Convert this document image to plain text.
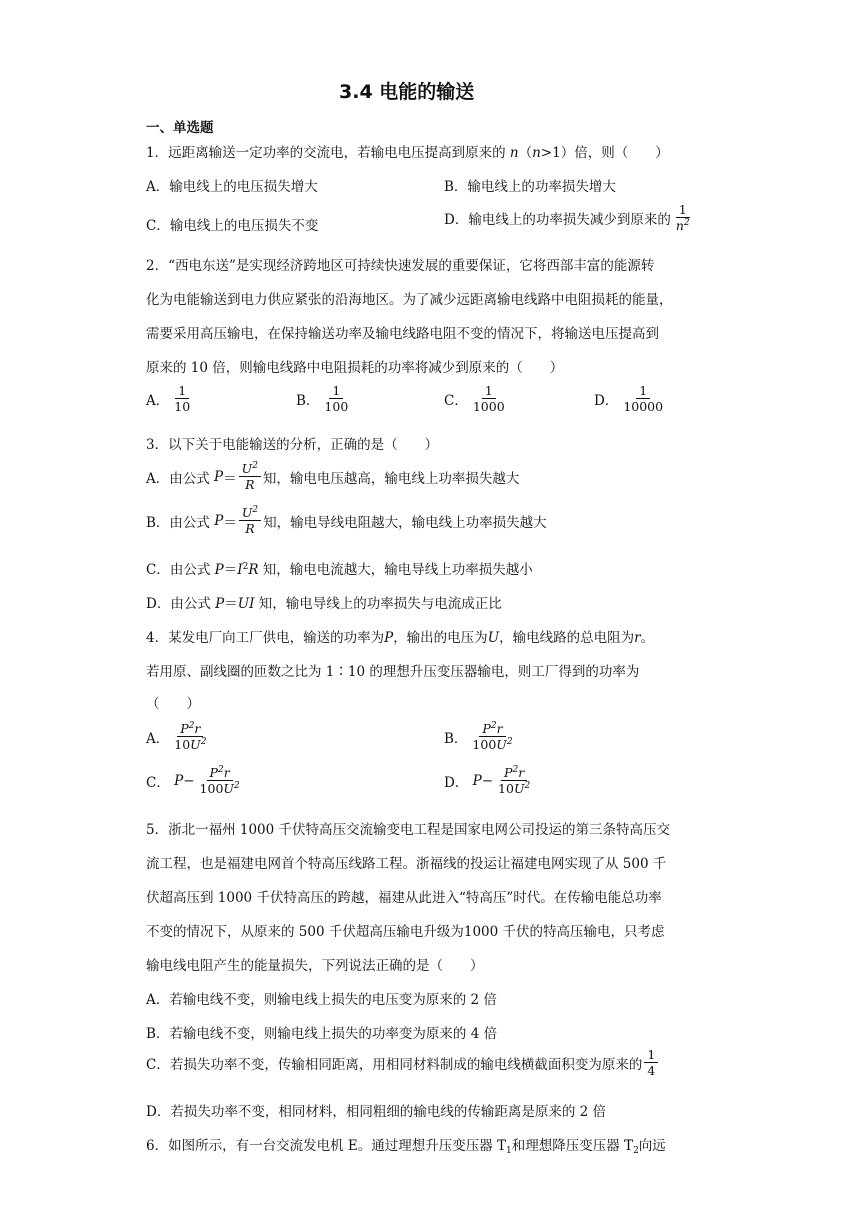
3.4 电能的输送
一、单选题
1．远距离输送一定功率的交流电，若输电电压提高到原来的 n（n>1）倍，则（　　）
A．输电线上的电压损失增大	B．输电线上的功率损失增大
C．输电线上的电压损失不变	D．输电线上的功率损失减少到原来的 $\frac{1}{n^2}$
2．“西电东送”是实现经济跨地区可持续快速发展的重要保证，它将西部丰富的能源转
化为电能输送到电力供应紧张的沿海地区。为了减少远距离输电线路中电阻损耗的能量，
需要采用高压输电，在保持输送功率及输电线路电阻不变的情况下，将输送电压提高到
原来的 10 倍，则输电线路中电阻损耗的功率将减少到原来的（　　）
A． $\frac{1}{10}$	B． $\frac{1}{100}$	C． $\frac{1}{1000}$	D． $\frac{1}{10000}$
3．以下关于电能输送的分析，正确的是（　　）
A．由公式
$P = \frac{U^2}{R}$ 知，输电电压越高，输电线上功率损失越大
B．由公式
$P = \frac{U^2}{R}$ 知，输电导线电阻越大，输电线上功率损失越大
C．由公式 $P=I^2R$ 知，输电电流越大，输电导线上功率损失越小
D．由公式 P＝UI 知，输电导线上的功率损失与电流成正比
4．某发电厂向工厂供电，输送的功率为P，输出的电压为U，输电线路的总电阻为r。
若用原、副线圈的匝数之比为 1∶10 的理想升压变压器输电，则工厂得到的功率为
（　　）
A． $\frac{P^2r}{10U^2}$	B． $\frac{P^2r}{100U^2}$
C．
$P - \frac{P^2r}{100U^2}$	D．
$P - \frac{P^2r}{10U^2}$
5．浙北一福州 1000 千伏特高压交流输变电工程是国家电网公司投运的第三条特高压交
流工程，也是福建电网首个特高压线路工程。浙福线的投运让福建电网实现了从 500 千
伏超高压到 1000 千伏特高压的跨越，福建从此进入“特高压”时代。在传输电能总功率
不变的情况下，从原来的 500 千伏超高压输电升级为1000 千伏的特高压输电，只考虑
输电线电阻产生的能量损失，下列说法正确的是（　　）
A．若输电线不变，则输电线上损失的电压变为原来的 2 倍
B．若输电线不变，则输电线上损失的功率变为原来的 4 倍
C．若损失功率不变，传输相同距离，用相同材料制成的输电线横截面积变为原来的 $\frac{1}{4}$
D．若损失功率不变，相同材料，相同粗细的输电线的传输距离是原来的 2 倍
6．如图所示，有一台交流发电机 E。通过理想升压变压器 $T_1$和理想降压变压器 $T_2$向远
